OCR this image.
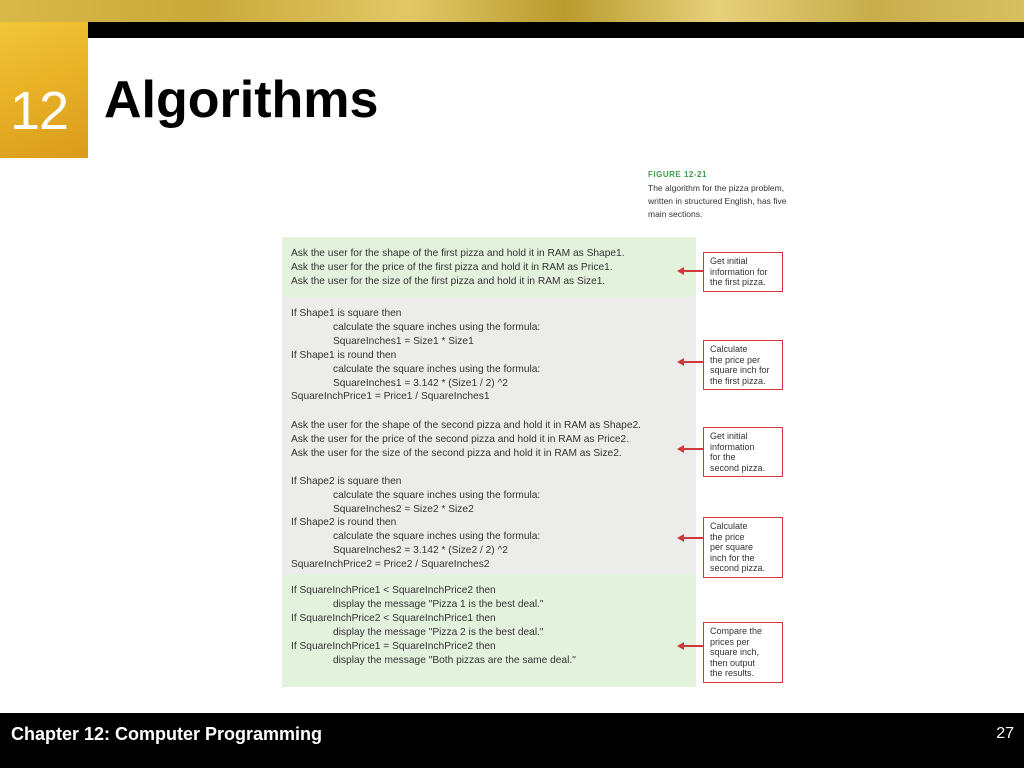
12 Algorithms
FIGURE 12-21
The algorithm for the pizza problem, written in structured English, has five main sections.
Ask the user for the shape of the first pizza and hold it in RAM as Shape1.
Ask the user for the price of the first pizza and hold it in RAM as Price1.
Ask the user for the size of the first pizza and hold it in RAM as Size1.
If Shape1 is square then
calculate the square inches using the formula:
SquareInches1 = Size1 * Size1
If Shape1 is round then
calculate the square inches using the formula:
SquareInches1 = 3.142 * (Size1 / 2) ^2
SquareInchPrice1 = Price1 / SquareInches1
Ask the user for the shape of the second pizza and hold it in RAM as Shape2.
Ask the user for the price of the second pizza and hold it in RAM as Price2.
Ask the user for the size of the second pizza and hold it in RAM as Size2.
If Shape2 is square then
calculate the square inches using the formula:
SquareInches2 = Size2 * Size2
If Shape2 is round then
calculate the square inches using the formula:
SquareInches2 = 3.142 * (Size2 / 2) ^2
SquareInchPrice2 = Price2 / SquareInches2
If SquareInchPrice1 < SquareInchPrice2 then
display the message "Pizza 1 is the best deal."
If SquareInchPrice2 < SquareInchPrice1 then
display the message "Pizza 2 is the best deal."
If SquareInchPrice1 = SquareInchPrice2 then
display the message "Both pizzas are the same deal."
Get initial
information for
the first pizza.
Calculate
the price per
square inch for
the first pizza.
Get initial
information
for the
second pizza.
Calculate
the price
per square
inch for the
second pizza.
Compare the
prices per
square inch,
then output
the results.
Chapter 12: Computer Programming	27
